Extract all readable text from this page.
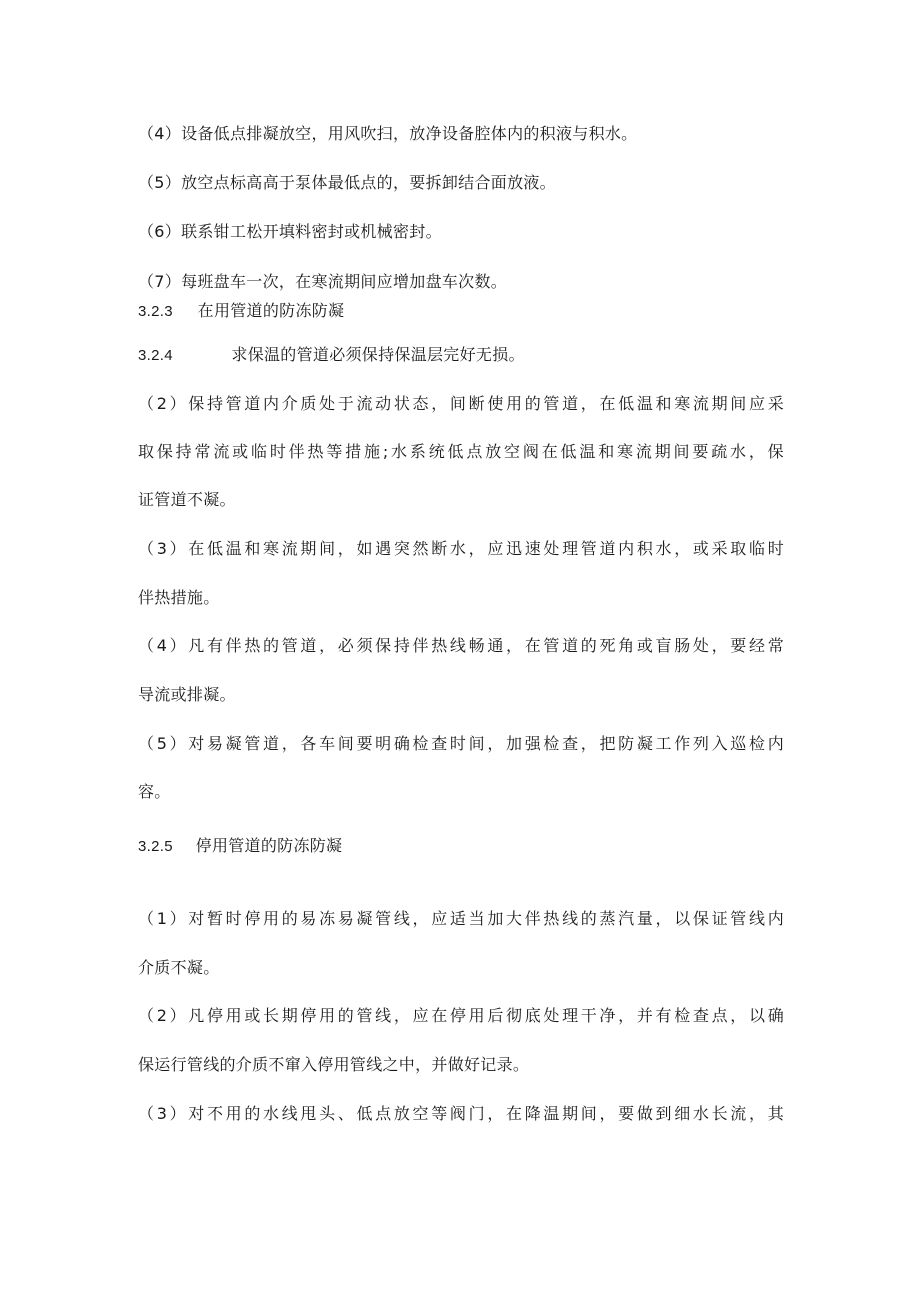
（4）设备低点排凝放空，用风吹扫，放净设备腔体内的积液与积水。
（5）放空点标高高于泵体最低点的，要拆卸结合面放液。
（6）联系钳工松开填料密封或机械密封。
（7）每班盘车一次，在寒流期间应增加盘车次数。
3.2.3 在用管道的防冻防凝
3.2.4	求保温的管道必须保持保温层完好无损。
（2）保持管道内介质处于流动状态，间断使用的管道，在低温和寒流期间应采
取保持常流或临时伴热等措施;水系统低点放空阀在低温和寒流期间要疏水，保
证管道不凝。
（3）在低温和寒流期间，如遇突然断水，应迅速处理管道内积水，或采取临时
伴热措施。
（4）凡有伴热的管道，必须保持伴热线畅通，在管道的死角或盲肠处，要经常
导流或排凝。
（5）对易凝管道，各车间要明确检查时间，加强检查，把防凝工作列入巡检内
容。
3.2.5 停用管道的防冻防凝
（1）对暂时停用的易冻易凝管线，应适当加大伴热线的蒸汽量，以保证管线内
介质不凝。
（2）凡停用或长期停用的管线，应在停用后彻底处理干净，并有检查点，以确
保运行管线的介质不窜入停用管线之中，并做好记录。
（3）对不用的水线甩头、低点放空等阀门，在降温期间，要做到细水长流，其
